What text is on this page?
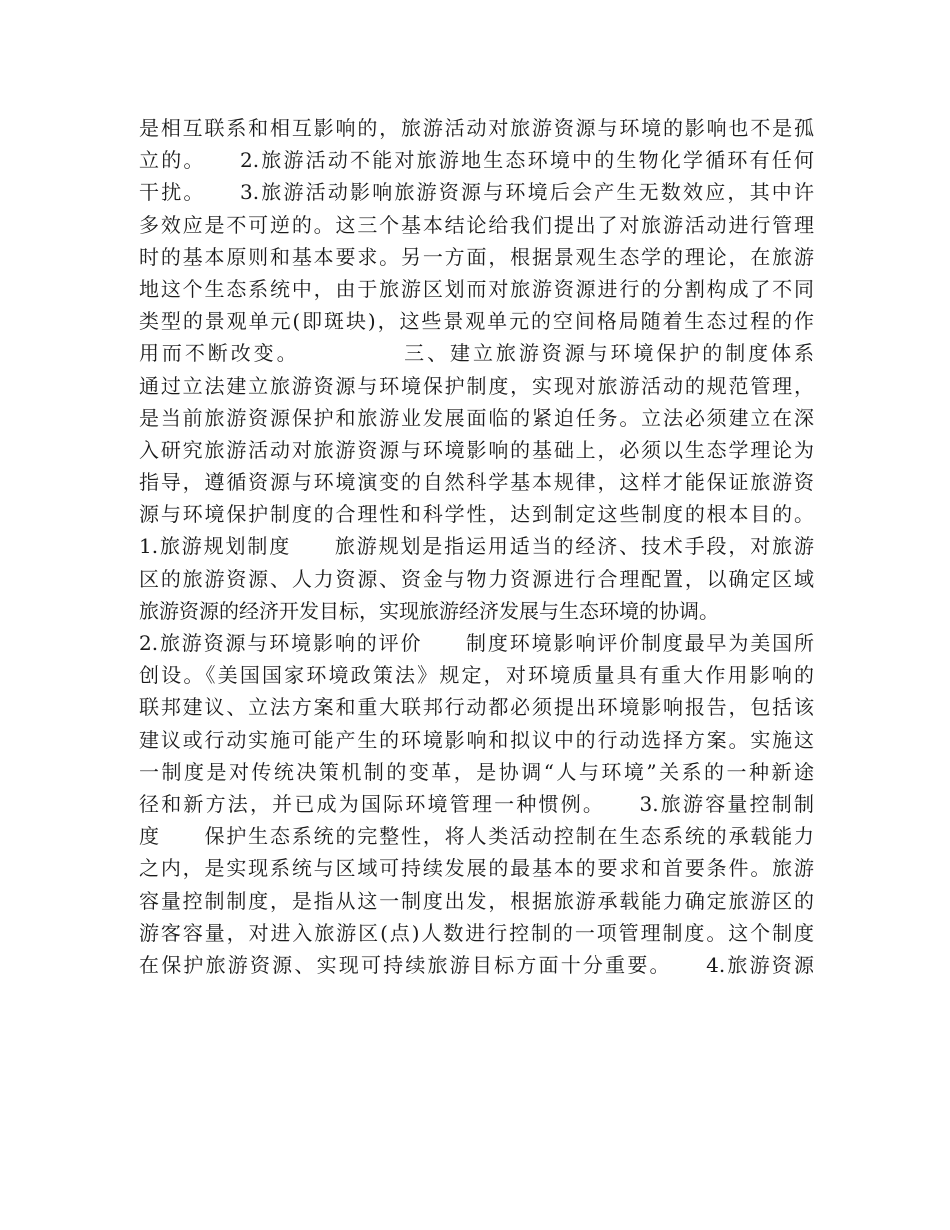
是相互联系和相互影响的，旅游活动对旅游资源与环境的影响也不是孤
立的。　　2.旅游活动不能对旅游地生态环境中的生物化学循环有任何
干扰。　　3.旅游活动影响旅游资源与环境后会产生无数效应，其中许
多效应是不可逆的。这三个基本结论给我们提出了对旅游活动进行管理
时的基本原则和基本要求。另一方面，根据景观生态学的理论，在旅游
地这个生态系统中，由于旅游区划而对旅游资源进行的分割构成了不同
类型的景观单元(即斑块)，这些景观单元的空间格局随着生态过程的作
用而不断改变。　　　　　三、建立旅游资源与环境保护的制度体系
通过立法建立旅游资源与环境保护制度，实现对旅游活动的规范管理，
是当前旅游资源保护和旅游业发展面临的紧迫任务。立法必须建立在深
入研究旅游活动对旅游资源与环境影响的基础上，必须以生态学理论为
指导，遵循资源与环境演变的自然科学基本规律，这样才能保证旅游资
源与环境保护制度的合理性和科学性，达到制定这些制度的根本目的。
1.旅游规划制度　　旅游规划是指运用适当的经济、技术手段，对旅游
区的旅游资源、人力资源、资金与物力资源进行合理配置，以确定区域
旅游资源的经济开发目标，实现旅游经济发展与生态环境的协调。
2.旅游资源与环境影响的评价　　制度环境影响评价制度最早为美国所
创设。《美国国家环境政策法》规定，对环境质量具有重大作用影响的
联邦建议、立法方案和重大联邦行动都必须提出环境影响报告，包括该
建议或行动实施可能产生的环境影响和拟议中的行动选择方案。实施这
一制度是对传统决策机制的变革，是协调“人与环境”关系的一种新途
径和新方法，并已成为国际环境管理一种惯例。　　3.旅游容量控制制
度　　保护生态系统的完整性，将人类活动控制在生态系统的承载能力
之内，是实现系统与区域可持续发展的最基本的要求和首要条件。旅游
容量控制制度，是指从这一制度出发，根据旅游承载能力确定旅游区的
游客容量，对进入旅游区(点)人数进行控制的一项管理制度。这个制度
在保护旅游资源、实现可持续旅游目标方面十分重要。　　4.旅游资源
